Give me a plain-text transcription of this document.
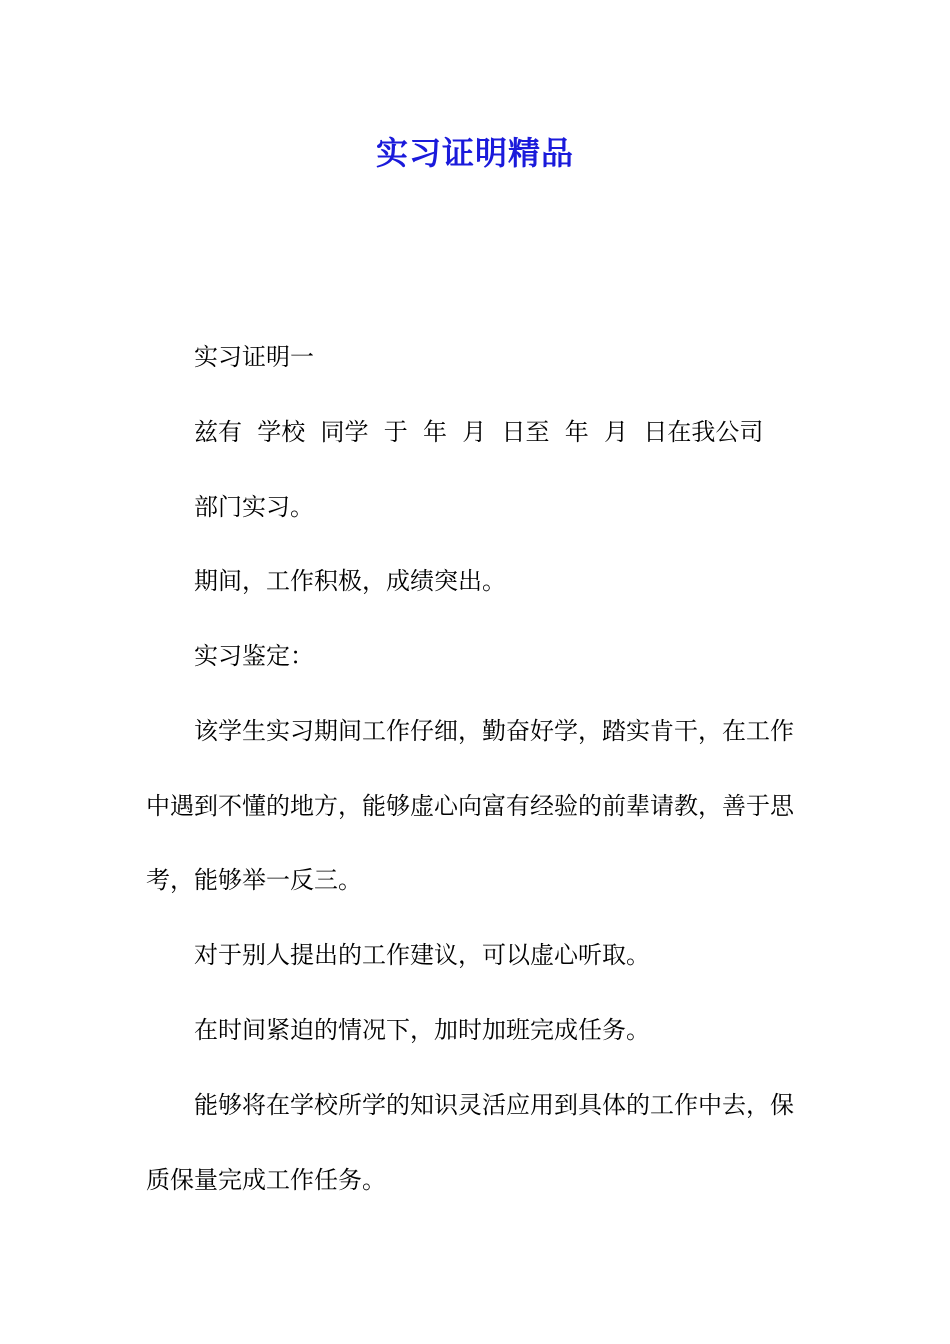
实习证明精品
实习证明一
兹有  学校  同学  于  年  月  日至  年  月  日在我公司
部门实习。
期间，工作积极，成绩突出。
实习鉴定：
该学生实习期间工作仔细，勤奋好学，踏实肯干，在工作
中遇到不懂的地方，能够虚心向富有经验的前辈请教，善于思
考，能够举一反三。
对于别人提出的工作建议，可以虚心听取。
在时间紧迫的情况下，加时加班完成任务。
能够将在学校所学的知识灵活应用到具体的工作中去，保
质保量完成工作任务。
